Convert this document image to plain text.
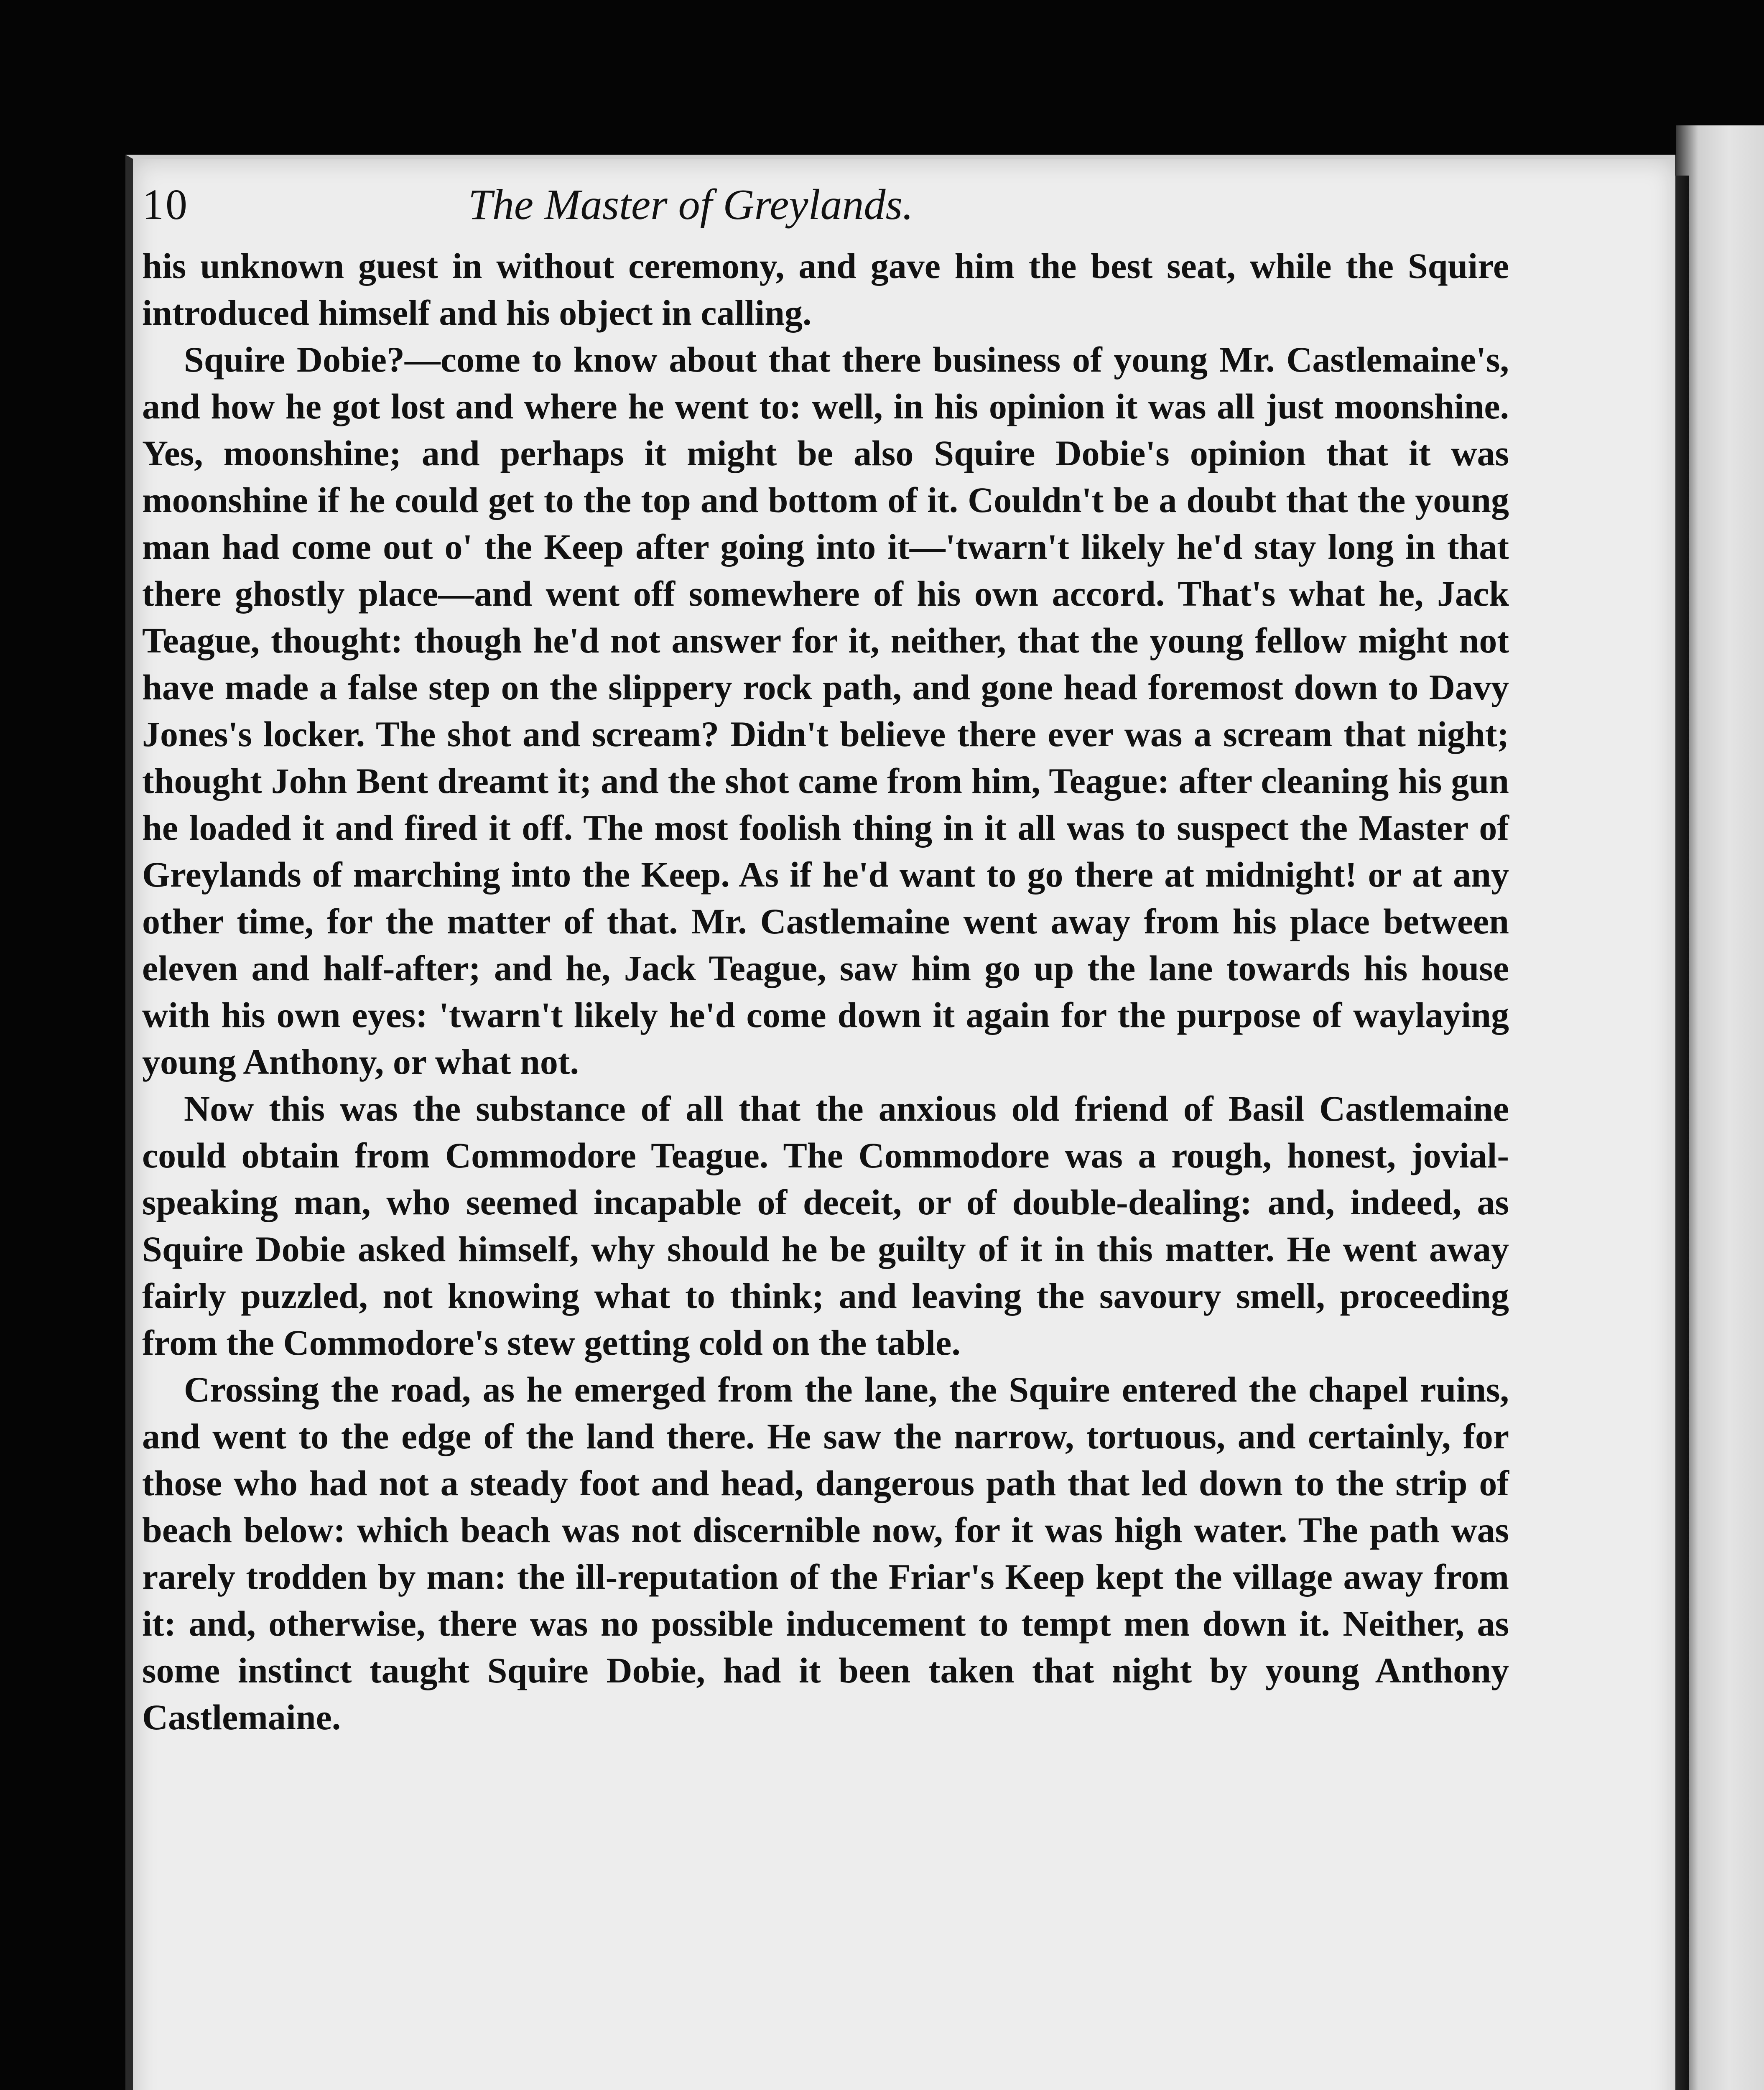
10	The Master of Greylands.

his unknown guest in without ceremony, and gave him the best seat, while the Squire introduced himself and his object in calling.

Squire Dobie?—come to know about that there business of young Mr. Castlemaine's, and how he got lost and where he went to: well, in his opinion it was all just moonshine. Yes, moonshine; and perhaps it might be also Squire Dobie's opinion that it was moonshine if he could get to the top and bottom of it. Couldn't be a doubt that the young man had come out o' the Keep after going into it—'twarn't likely he'd stay long in that there ghostly place—and went off somewhere of his own accord. That's what he, Jack Teague, thought: though he'd not answer for it, neither, that the young fellow might not have made a false step on the slippery rock path, and gone head foremost down to Davy Jones's locker. The shot and scream? Didn't believe there ever was a scream that night; thought John Bent dreamt it; and the shot came from him, Teague: after cleaning his gun he loaded it and fired it off. The most foolish thing in it all was to suspect the Master of Greylands of marching into the Keep. As if he'd want to go there at midnight! or at any other time, for the matter of that. Mr. Castlemaine went away from his place between eleven and half-after; and he, Jack Teague, saw him go up the lane towards his house with his own eyes: 'twarn't likely he'd come down it again for the purpose of waylaying young Anthony, or what not.

Now this was the substance of all that the anxious old friend of Basil Castlemaine could obtain from Commodore Teague. The Commodore was a rough, honest, jovial-speaking man, who seemed incapable of deceit, or of double-dealing: and, indeed, as Squire Dobie asked himself, why should he be guilty of it in this matter. He went away fairly puzzled, not knowing what to think; and leaving the savoury smell, proceeding from the Commodore's stew getting cold on the table.

Crossing the road, as he emerged from the lane, the Squire entered the chapel ruins, and went to the edge of the land there. He saw the narrow, tortuous, and certainly, for those who had not a steady foot and head, dangerous path that led down to the strip of beach below: which beach was not discernible now, for it was high water. The path was rarely trodden by man: the ill-reputation of the Friar's Keep kept the village away from it: and, otherwise, there was no possible inducement to tempt men down it. Neither, as some instinct taught Squire Dobie, had it been taken that night by young Anthony Castlemaine.
